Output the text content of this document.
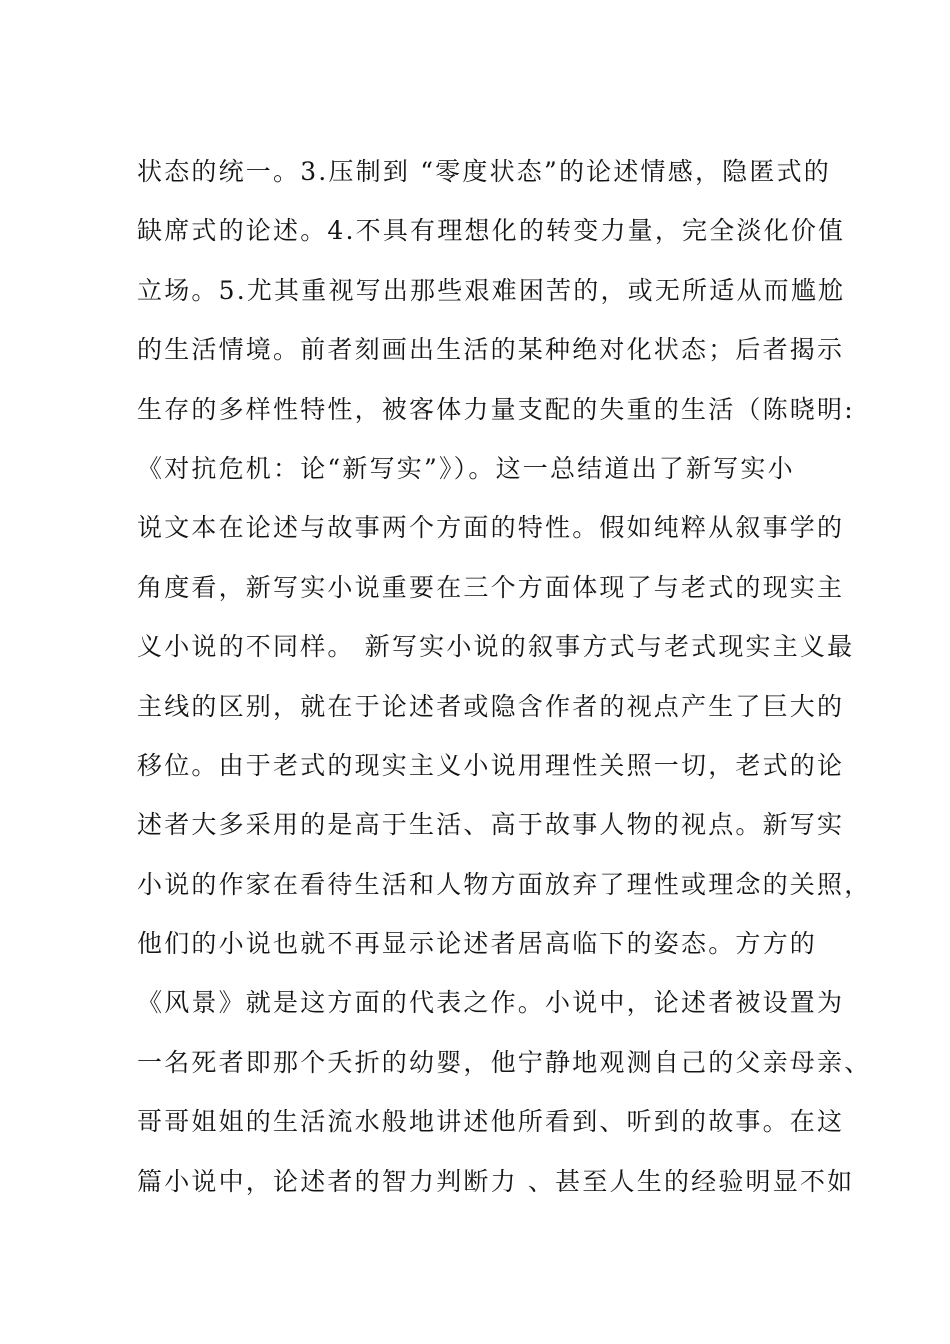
状态的统一。3.压制到 “零度状态”的论述情感，隐匿式的
缺席式的论述。4.不具有理想化的转变力量，完全淡化价值
立场。5.尤其重视写出那些艰难困苦的，或无所适从而尴尬
的生活情境。前者刻画出生活的某种绝对化状态；后者揭示
生存的多样性特性，被客体力量支配的失重的生活（陈晓明:
《对抗危机：论“新写实”》）。这一总结道出了新写实小
说文本在论述与故事两个方面的特性。假如纯粹从叙事学的
角度看，新写实小说重要在三个方面体现了与老式的现实主
义小说的不同样。 新写实小说的叙事方式与老式现实主义最
主线的区别，就在于论述者或隐含作者的视点产生了巨大的
移位。由于老式的现实主义小说用理性关照一切，老式的论
述者大多采用的是高于生活、高于故事人物的视点。新写实
小说的作家在看待生活和人物方面放弃了理性或理念的关照，
他们的小说也就不再显示论述者居高临下的姿态。方方的
《风景》就是这方面的代表之作。小说中，论述者被设置为
一名死者即那个夭折的幼婴，他宁静地观测自己的父亲母亲、
哥哥姐姐的生活流水般地讲述他所看到、听到的故事。在这
篇小说中，论述者的智力判断力 、甚至人生的经验明显不如
